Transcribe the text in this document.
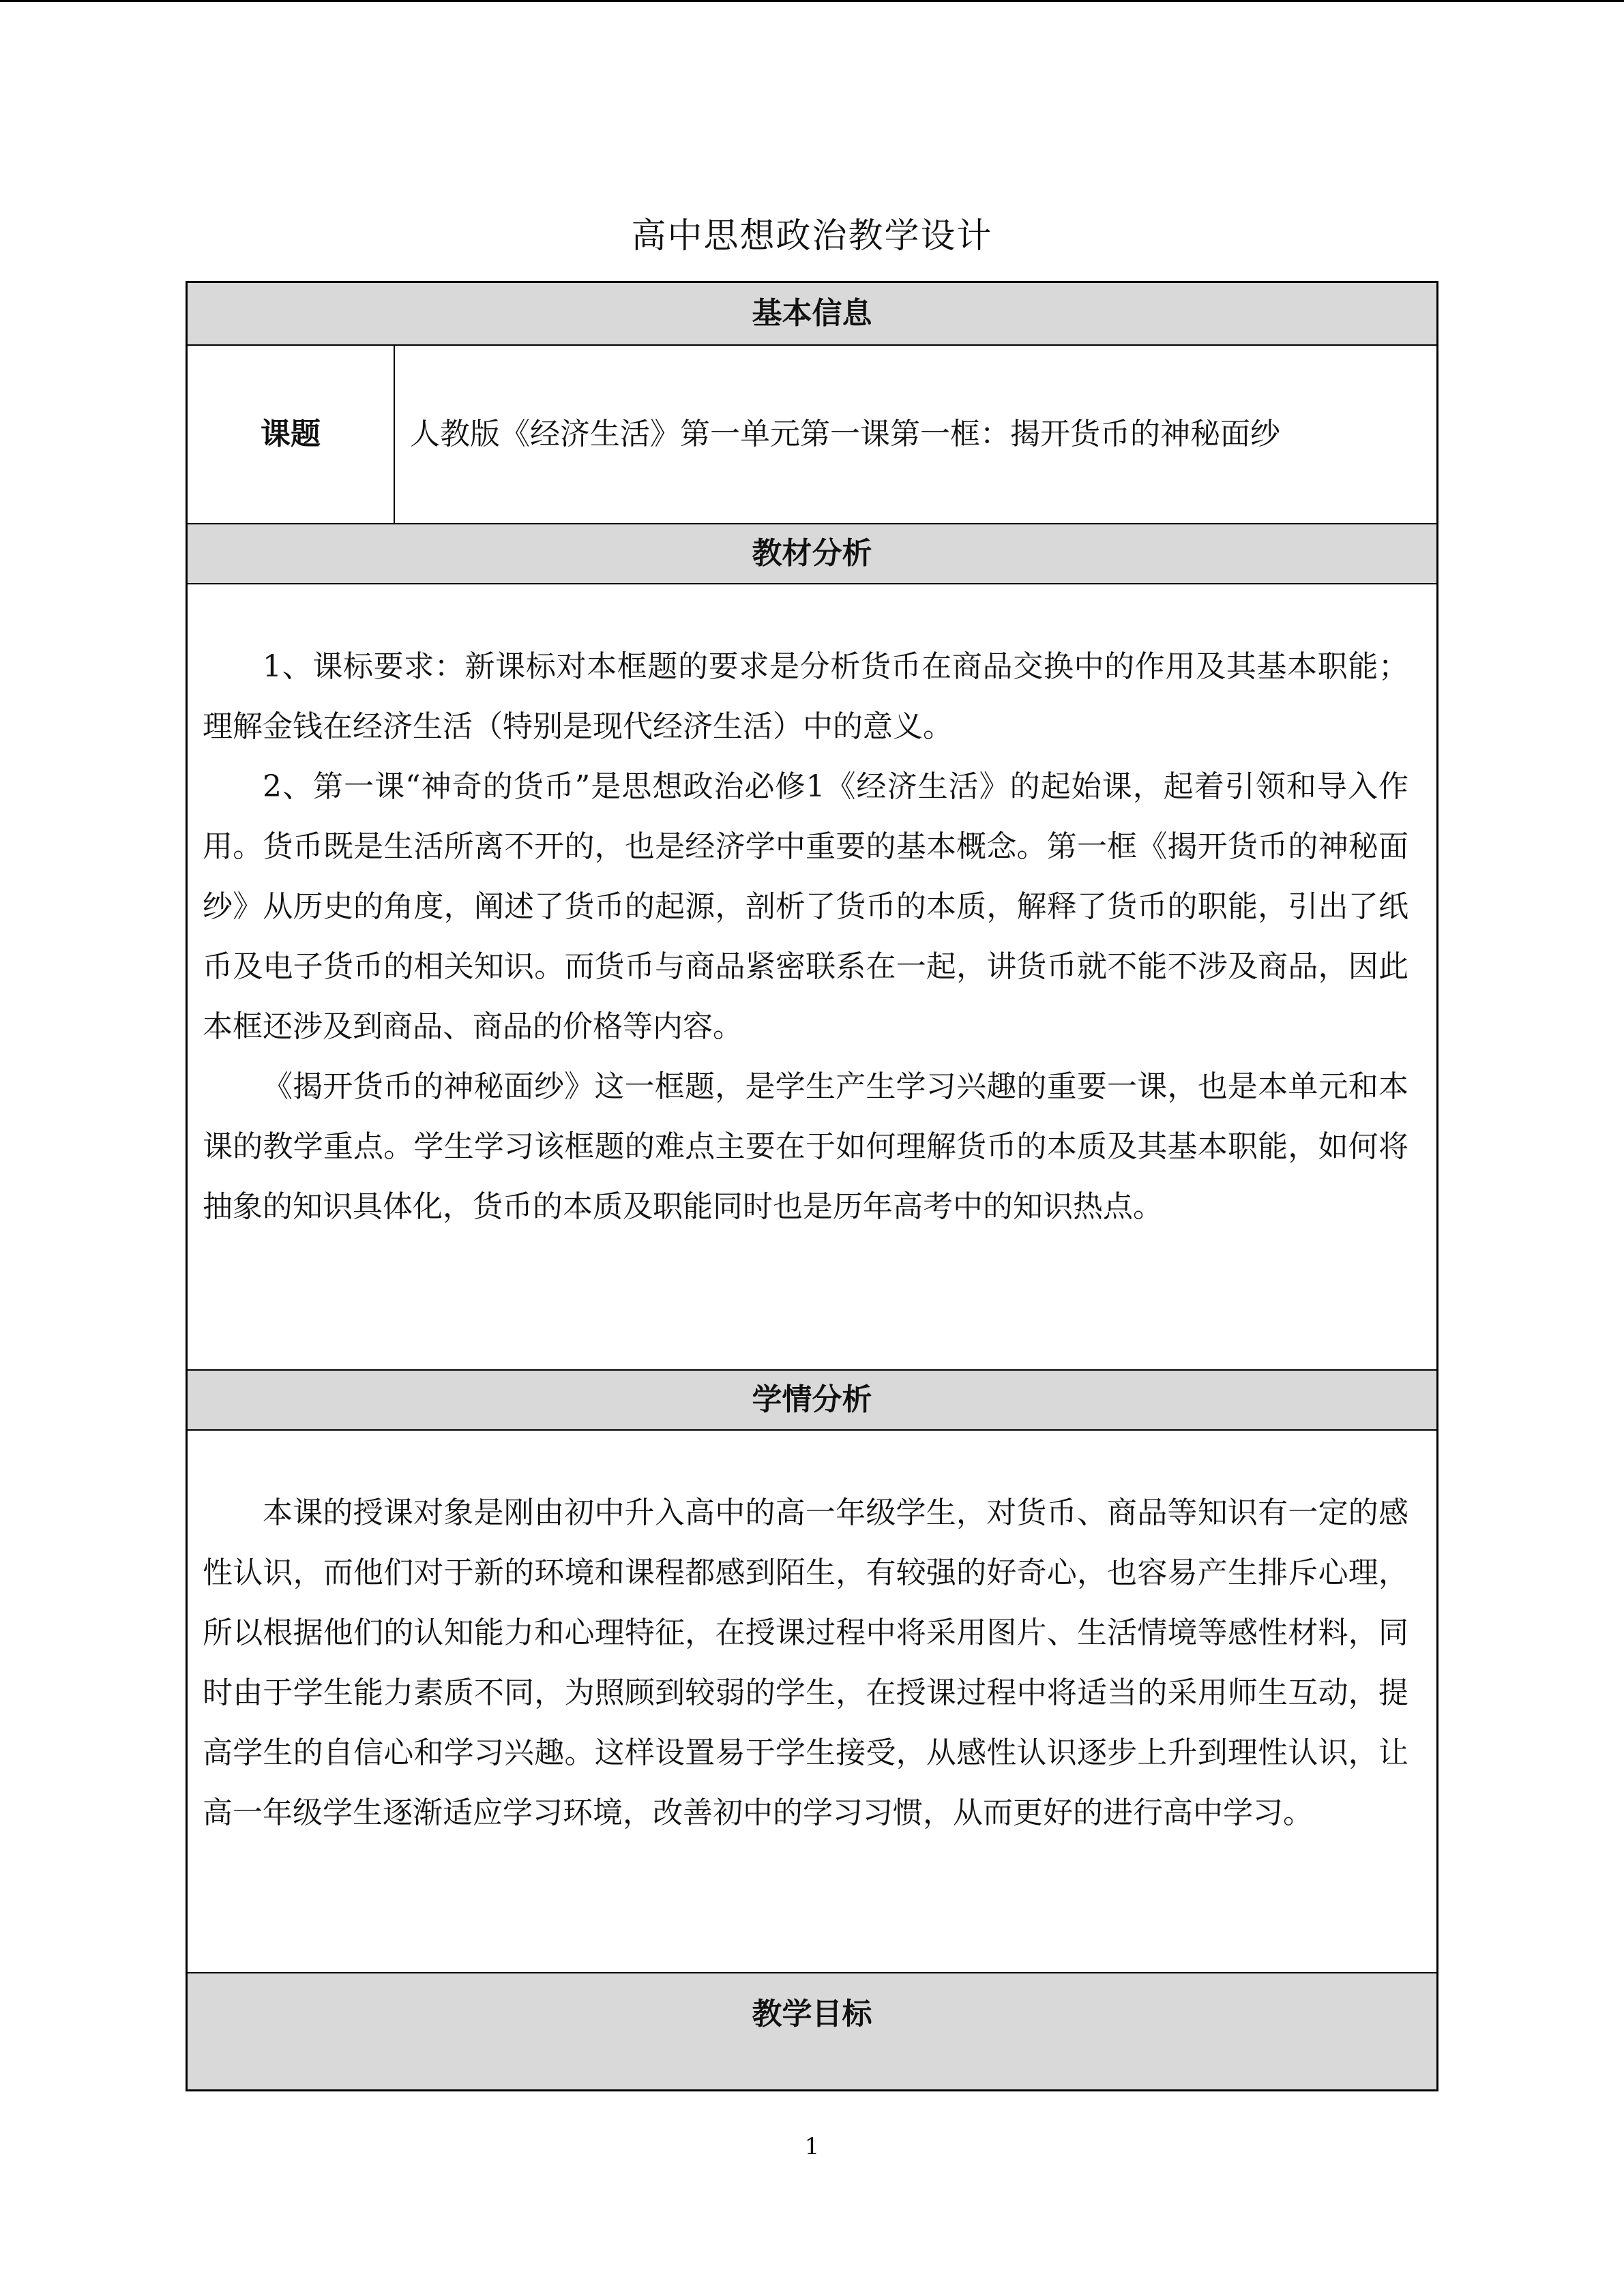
高中思想政治教学设计
基本信息
课题	人教版《经济生活》第一单元第一课第一框：揭开货币的神秘面纱
教材分析

1、课标要求：新课标对本框题的要求是分析货币在商品交换中的作用及其基本职能；理解金钱在经济生活（特别是现代经济生活）中的意义。

2、第一课“神奇的货币”是思想政治必修1《经济生活》的起始课，起着引领和导入作用。货币既是生活所离不开的，也是经济学中重要的基本概念。第一框《揭开货币的神秘面纱》从历史的角度，阐述了货币的起源，剖析了货币的本质，解释了货币的职能，引出了纸币及电子货币的相关知识。而货币与商品紧密联系在一起，讲货币就不能不涉及商品，因此本框还涉及到商品、商品的价格等内容。

《揭开货币的神秘面纱》这一框题，是学生产生学习兴趣的重要一课，也是本单元和本课的教学重点。学生学习该框题的难点主要在于如何理解货币的本质及其基本职能，如何将抽象的知识具体化，货币的本质及职能同时也是历年高考中的知识热点。

学情分析

本课的授课对象是刚由初中升入高中的高一年级学生，对货币、商品等知识有一定的感性认识，而他们对于新的环境和课程都感到陌生，有较强的好奇心，也容易产生排斥心理，所以根据他们的认知能力和心理特征，在授课过程中将采用图片、生活情境等感性材料，同时由于学生能力素质不同，为照顾到较弱的学生，在授课过程中将适当的采用师生互动，提高学生的自信心和学习兴趣。这样设置易于学生接受，从感性认识逐步上升到理性认识，让高一年级学生逐渐适应学习环境，改善初中的学习习惯，从而更好的进行高中学习。

教学目标
1
